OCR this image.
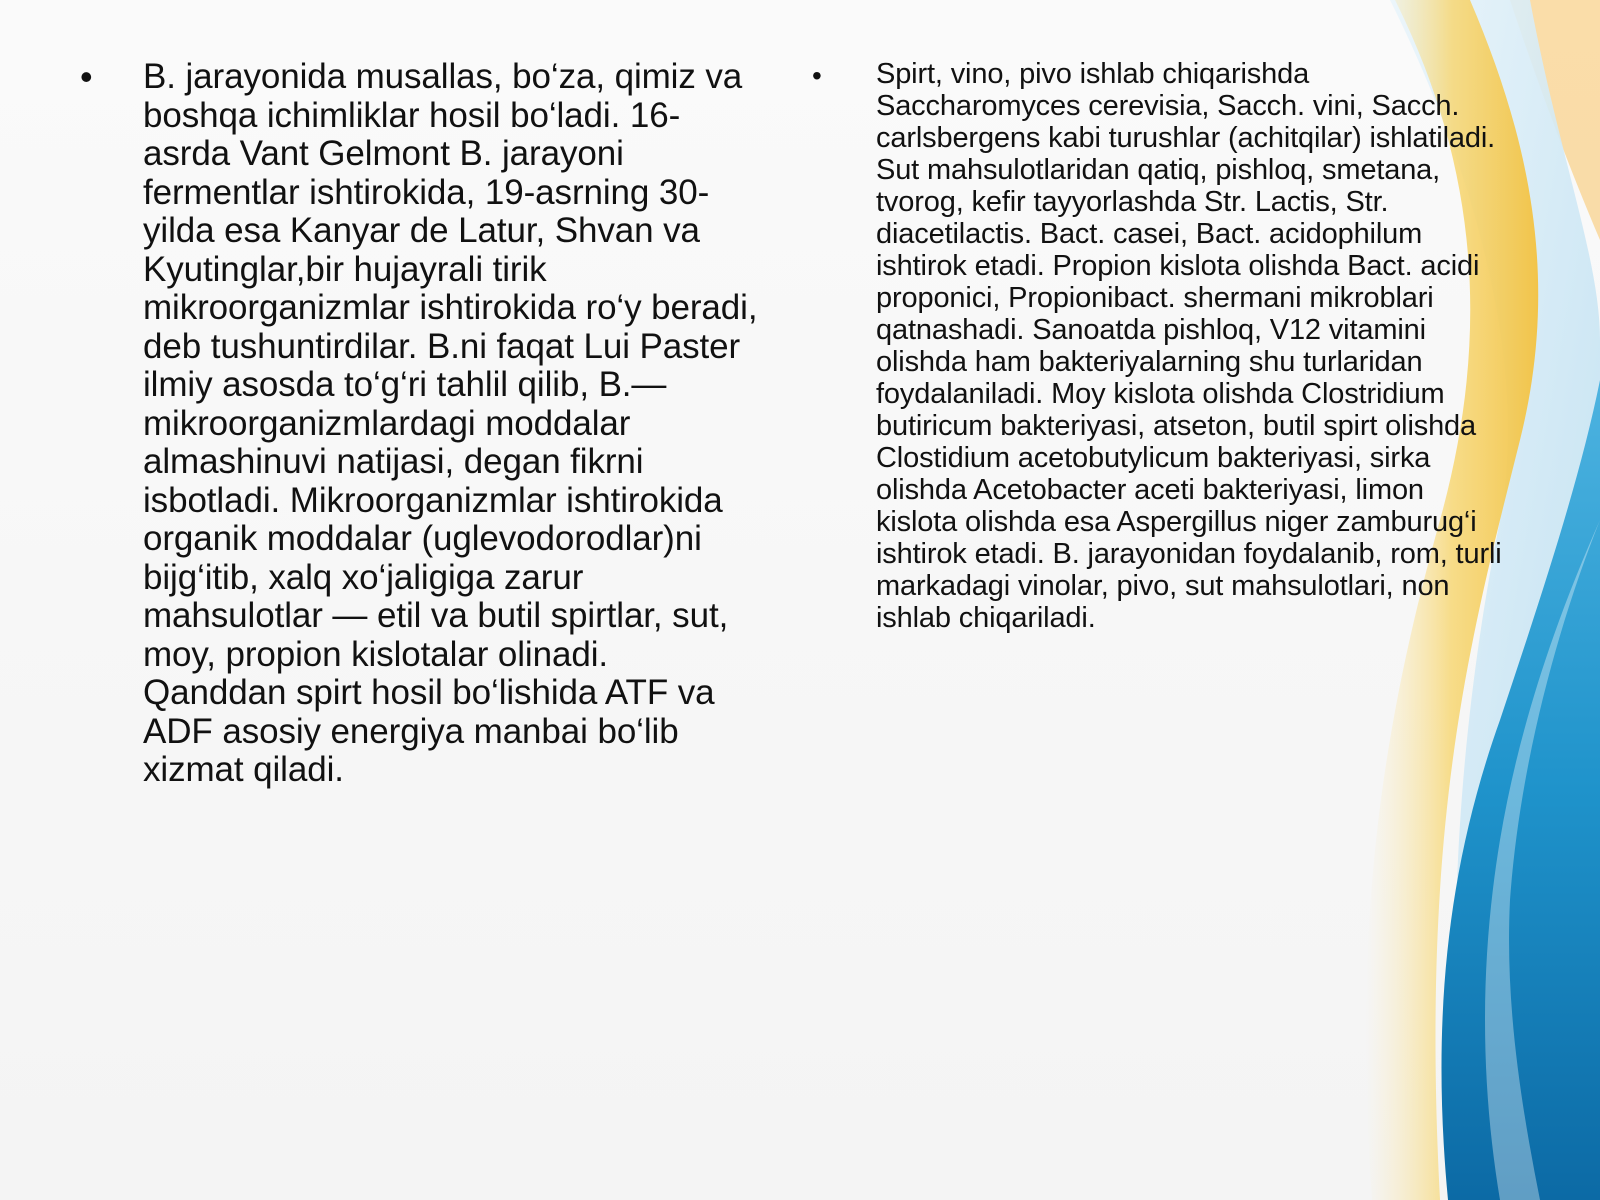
•	B. jarayonida musallas, bo‘za, qimiz va boshqa ichimliklar hosil bo‘ladi. 16-asrda Vant Gelmont B. jarayoni fermentlar ishtirokida, 19-asrning 30- yilda esa Kanyar de Latur, Shvan va Kyutinglar,bir hujayrali tirik mikroorganizmlar ishtirokida ro‘y beradi, deb tushuntirdilar. B.ni faqat Lui Paster ilmiy asosda to‘g‘ri tahlil qilib, B.— mikroorganizmlardagi moddalar almashinuvi natijasi, degan fikrni isbotladi. Mikroorganizmlar ishtirokida organik moddalar (uglevodorodlar)ni bijg‘itib, xalq xo‘jaligiga zarur mahsulotlar — etil va butil spirtlar, sut, moy, propion kislotalar olinadi. Qanddan spirt hosil bo‘lishida ATF va ADF asosiy energiya manbai bo‘lib xizmat qiladi.
•	Spirt, vino, pivo ishlab chiqarishda Saccharomyces cerevisia, Sacch. vini, Sacch. carlsbergens kabi turushlar (achitqilar) ishlatiladi. Sut mahsulotlaridan qatiq, pishloq, smetana, tvorog, kefir tayyorlashda Str. Lactis, Str. diacetilactis. Bact. casei, Bact. acidophilum ishtirok etadi. Propion kislota olishda Bact. acidi proponici, Propionibact. shermani mikroblari qatnashadi. Sanoatda pishloq, V12 vitamini olishda ham bakteriyalarning shu turlaridan foydalaniladi. Moy kislota olishda Clostridium butiricum bakteriyasi, atseton, butil spirt olishda Clostidium acetobutylicum bakteriyasi, sirka olishda Acetobacter aceti bakteriyasi, limon kislota olishda esa Aspergillus niger zamburug‘i ishtirok etadi. B. jarayonidan foydalanib, rom, turli markadagi vinolar, pivo, sut mahsulotlari, non ishlab chiqariladi.
